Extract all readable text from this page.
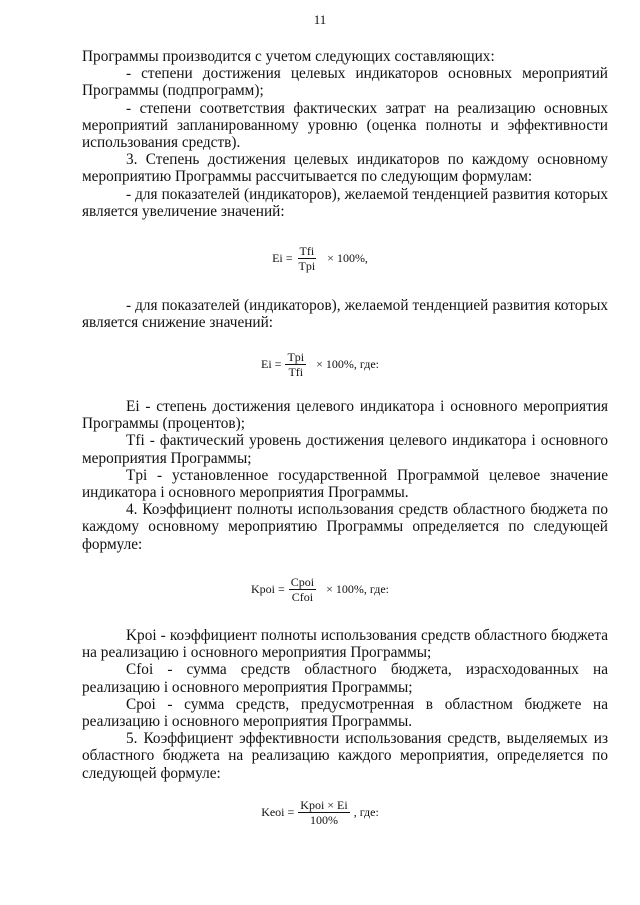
11

Программы производится с учетом следующих составляющих:

- степени достижения целевых индикаторов основных мероприятий Программы (подпрограмм);

- степени соответствия фактических затрат на реализацию основных мероприятий запланированному уровню (оценка полноты и эффективности использования средств).

3. Степень достижения целевых индикаторов по каждому основному мероприятию Программы рассчитывается по следующим формулам:

- для показателей (индикаторов), желаемой тенденцией развития которых является увеличение значений:

$Ei = \frac{\text{Tfi}}{\text{Tpi}} \times 100\%$,

- для показателей (индикаторов), желаемой тенденцией развития которых является снижение значений:

$Ei = \frac{\text{Tpi}}{\text{Tfi}} \times 100\%$, где:

Ei - степень достижения целевого индикатора i основного мероприятия Программы (процентов);

Tfi - фактический уровень достижения целевого индикатора i основного мероприятия Программы;

Tpi - установленное государственной Программой целевое значение индикатора i основного мероприятия Программы.

4. Коэффициент полноты использования средств областного бюджета по каждому основному мероприятию Программы определяется по следующей формуле:

Kpoi = $\frac{\text{Cpoi}}{\text{Cfoi}} \times 100\%$, где:

Kpoi - коэффициент полноты использования средств областного бюджета на реализацию i основного мероприятия Программы;

Cfoi - сумма средств областного бюджета, израсходованных на реализацию i основного мероприятия Программы;

Cpoi - сумма средств, предусмотренная в областном бюджете на реализацию i основного мероприятия Программы.

5. Коэффициент эффективности использования средств, выделяемых из областного бюджета на реализацию каждого мероприятия, определяется по следующей формуле:

Keoi = $\frac{\text{Kpoi × Ei}}{100\%}$ , где:
